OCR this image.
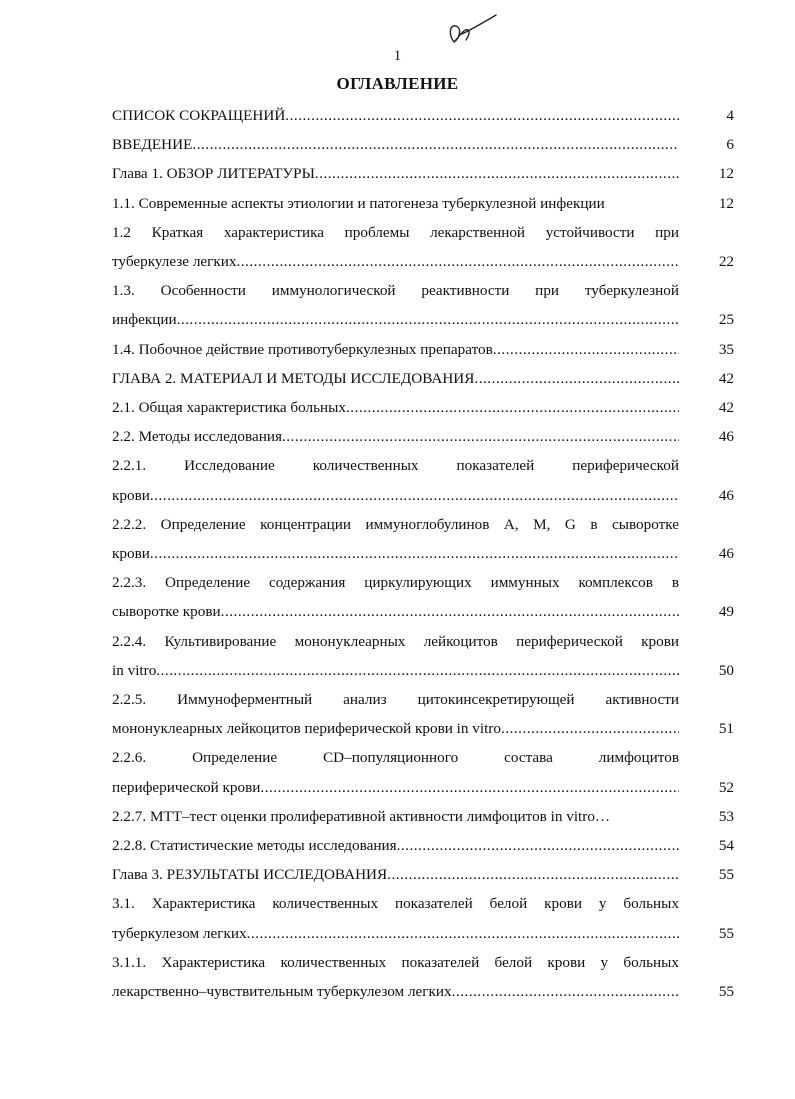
1
ОГЛАВЛЕНИЕ
СПИСОК СОКРАЩЕНИЙ .....	4
ВВЕДЕНИЕ .....	6
Глава 1. ОБЗОР ЛИТЕРАТУРЫ .....	12
1.1. Современные аспекты этиологии и патогенеза туберкулезной инфекции	12
1.2 Краткая характеристика проблемы лекарственной устойчивости при
туберкулезе легких .....	22
1.3. Особенности иммунологической реактивности при туберкулезной
инфекции .....	25
1.4. Побочное действие противотуберкулезных препаратов .....	35
ГЛАВА 2. МАТЕРИАЛ И МЕТОДЫ ИССЛЕДОВАНИЯ .....	42
2.1. Общая характеристика больных .....	42
2.2. Методы исследования .....	46
2.2.1. Исследование количественных показателей периферической
крови .....	46
2.2.2. Определение концентрации иммуноглобулинов A, M, G в сыворотке
крови .....	46
2.2.3. Определение содержания циркулирующих иммунных комплексов в
сыворотке крови .....	49
2.2.4. Культивирование мононуклеарных лейкоцитов периферической крови
in vitro .....	50
2.2.5. Иммуноферментный анализ цитокинсекретирующей активности
мононуклеарных лейкоцитов периферической крови in vitro .....	51
2.2.6. Определение CD–популяционного состава лимфоцитов
периферической крови .....	52
2.2.7. МТТ–тест оценки пролиферативной активности лимфоцитов in vitro…	53
2.2.8. Статистические методы исследования .....	54
Глава 3. РЕЗУЛЬТАТЫ ИССЛЕДОВАНИЯ .....	55
3.1. Характеристика количественных показателей белой крови у больных
туберкулезом легких .....	55
3.1.1. Характеристика количественных показателей белой крови у больных
лекарственно–чувствительным туберкулезом легких .....	55
